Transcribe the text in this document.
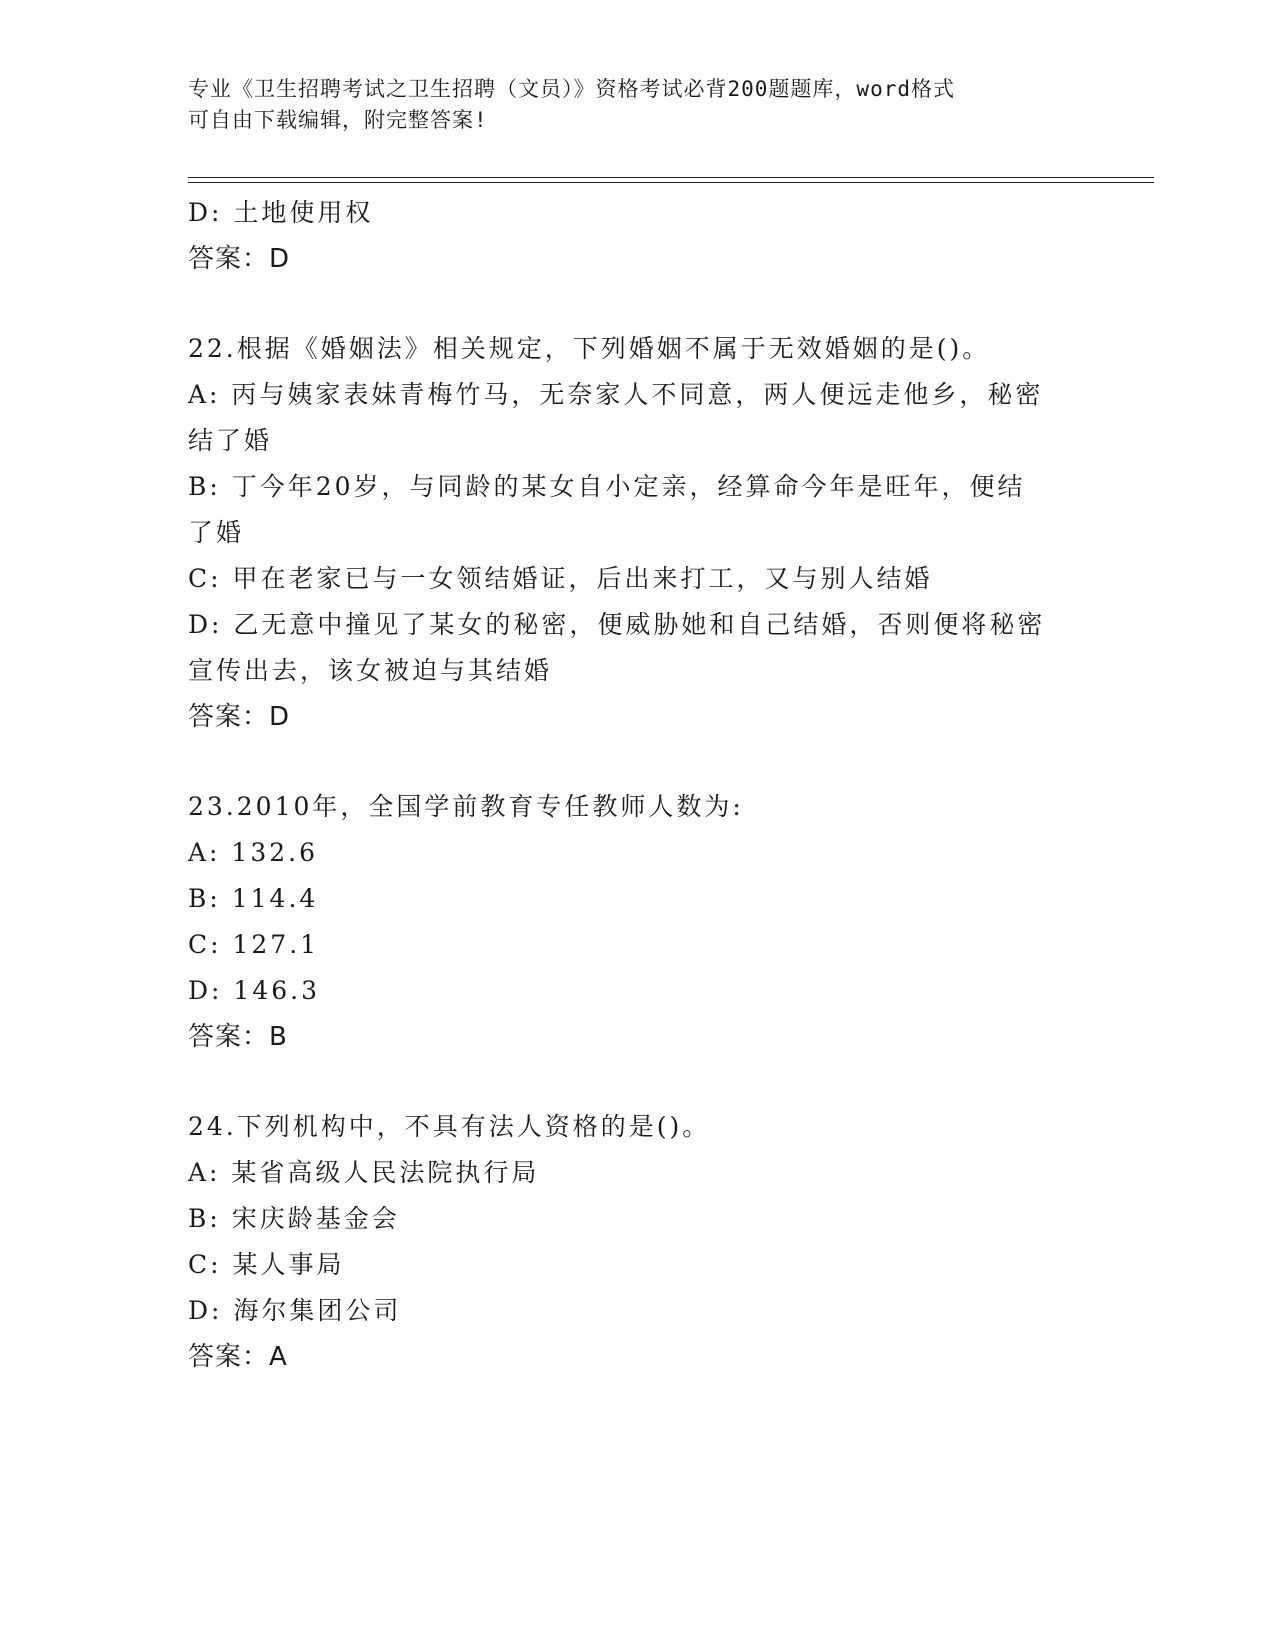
专业《卫生招聘考试之卫生招聘（文员）》资格考试必背200题题库，word格式
可自由下载编辑，附完整答案!
D: 土地使用权
答案：D
22.根据《婚姻法》相关规定，下列婚姻不属于无效婚姻的是()。
A: 丙与姨家表妹青梅竹马，无奈家人不同意，两人便远走他乡，秘密
结了婚
B: 丁今年20岁，与同龄的某女自小定亲，经算命今年是旺年，便结
了婚
C: 甲在老家已与一女领结婚证，后出来打工，又与别人结婚
D: 乙无意中撞见了某女的秘密，便威胁她和自己结婚，否则便将秘密
宣传出去，该女被迫与其结婚
答案：D
23.2010年，全国学前教育专任教师人数为:
A: 132.6
B: 114.4
C: 127.1
D: 146.3
答案：B
24.下列机构中，不具有法人资格的是()。
A: 某省高级人民法院执行局
B: 宋庆龄基金会
C: 某人事局
D: 海尔集团公司
答案：A
